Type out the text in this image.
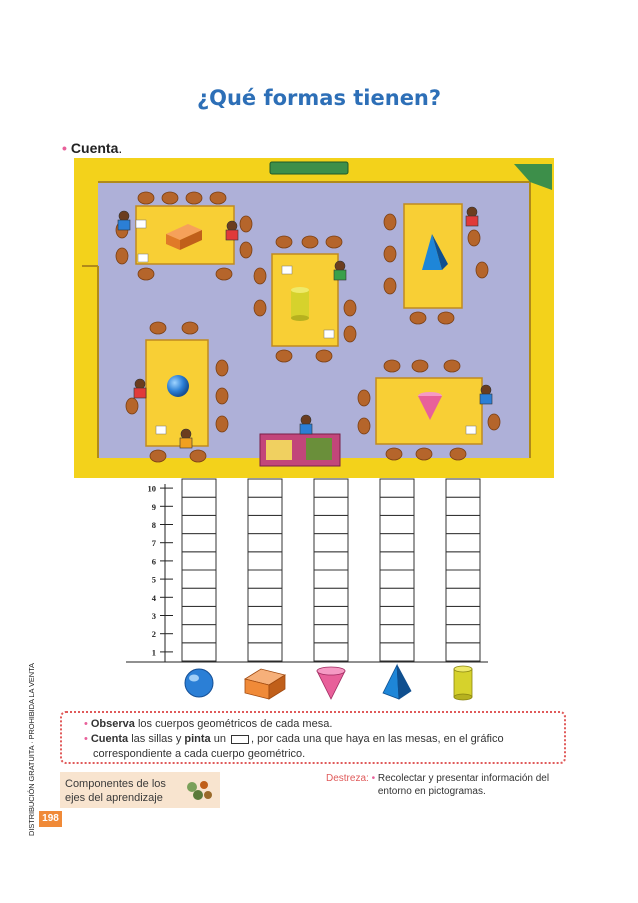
¿Qué formas tienen?
• Cuenta.
1
2
3
4
5
6
7
8
9
10
• Observa los cuerpos geométricos de cada mesa.
• Cuenta las sillas y pinta un , por cada una que haya en las mesas, en el gráfico
correspondiente a cada cuerpo geométrico.
Componentes de los ejes del aprendizaje
Destreza: • Recolectar y presentar información del entorno en pictogramas.
198
DISTRIBUCIÓN GRATUITA · PROHIBIDA LA VENTA
